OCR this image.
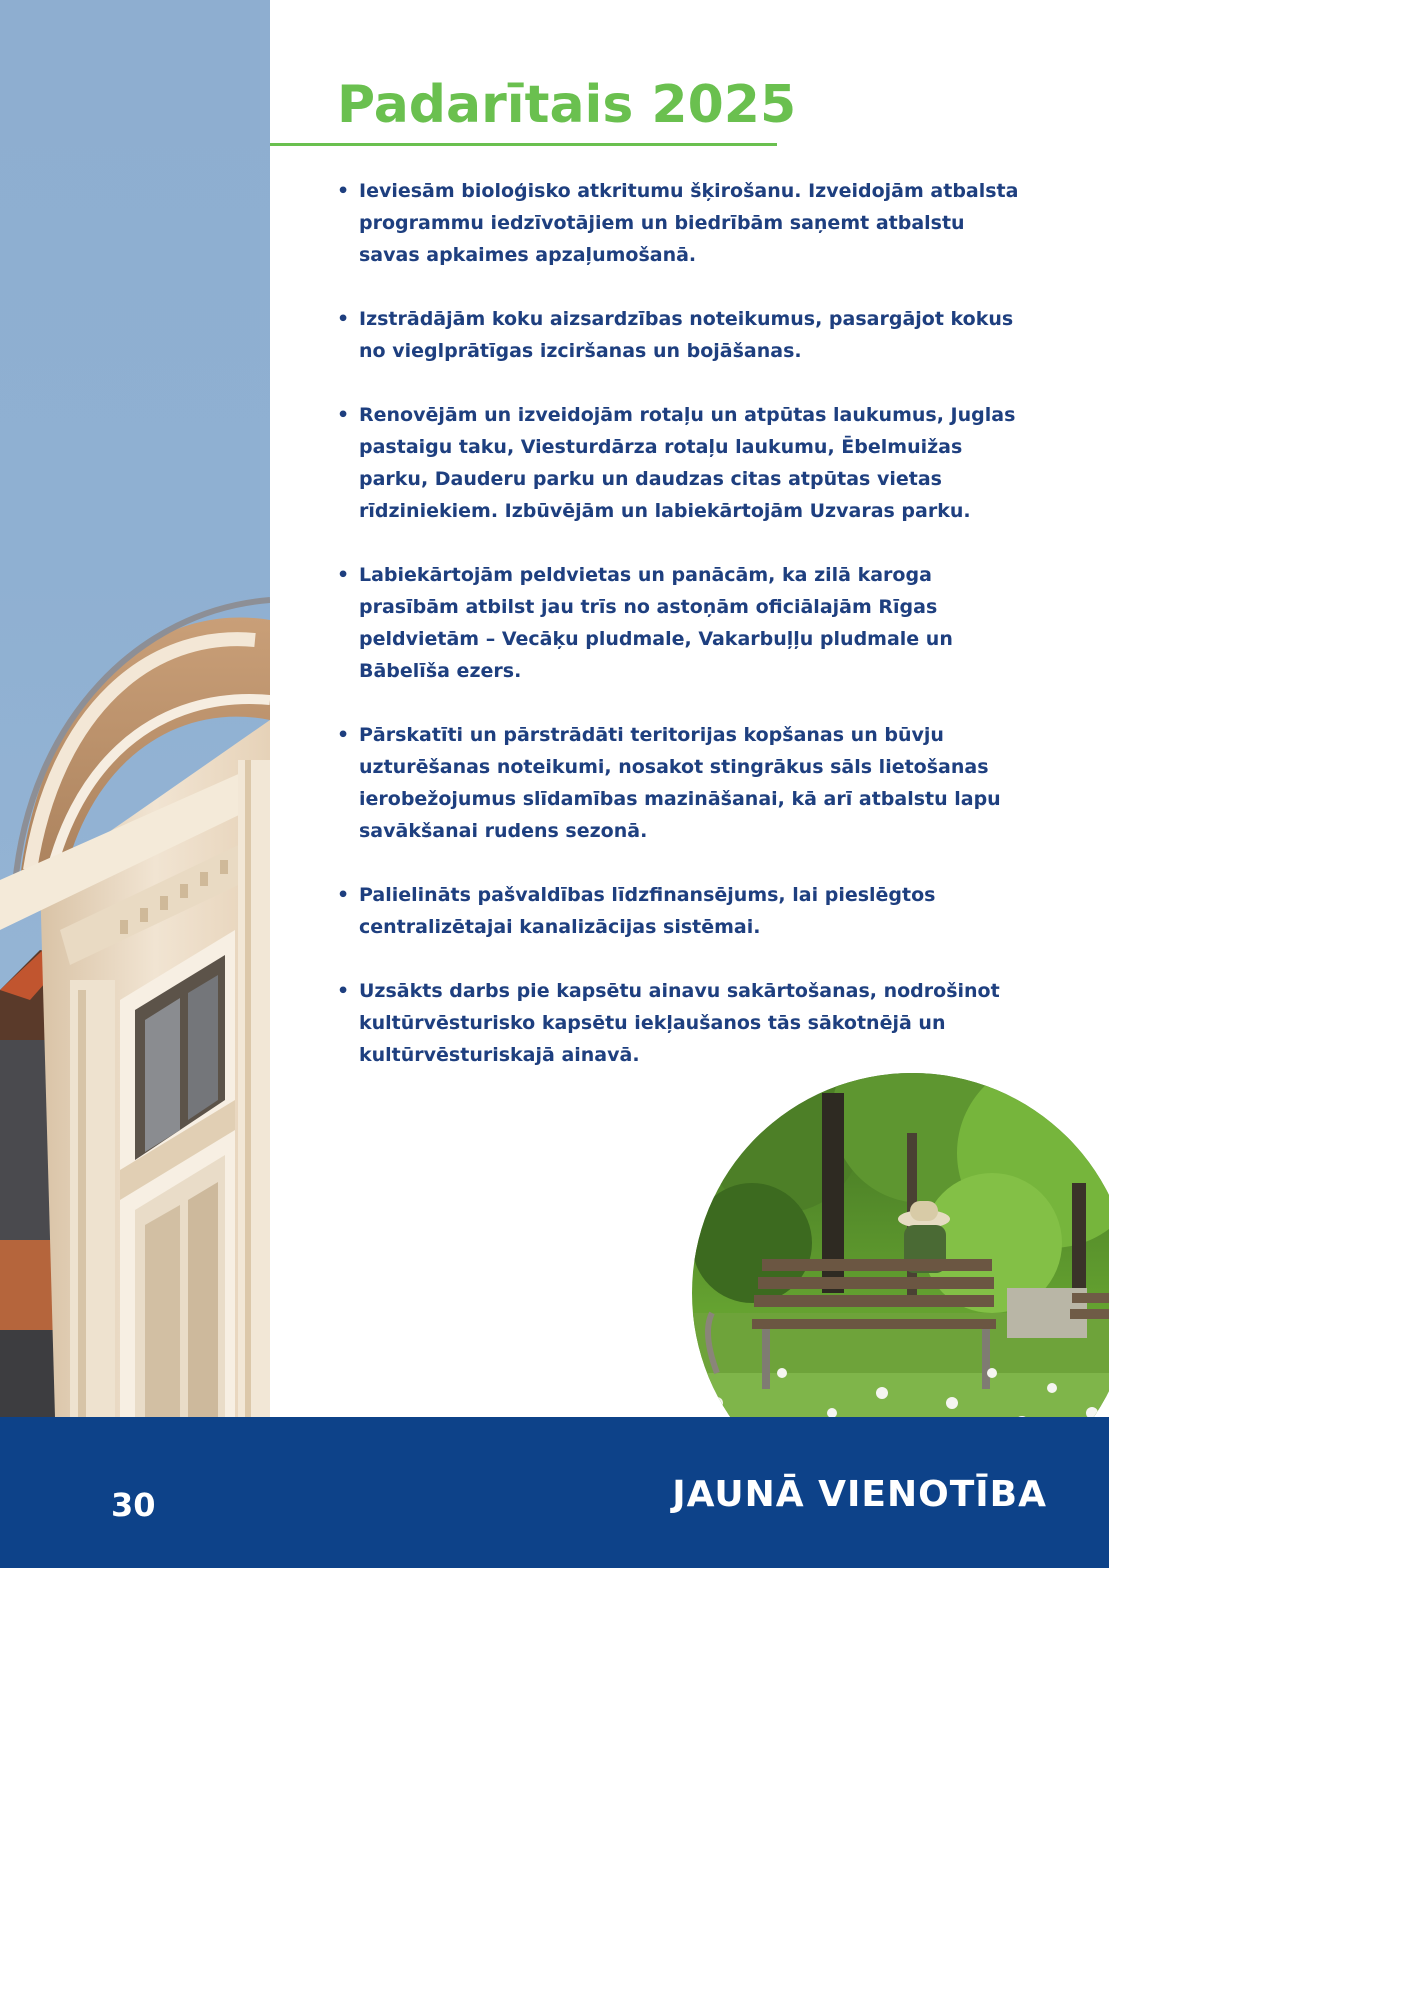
Padarītais 2025
• Ieviesām bioloģisko atkritumu šķirošanu. Izveidojām atbalsta programmu iedzīvotājiem un biedrībām saņemt atbalstu savas apkaimes apzaļumošanā.
• Izstrādājām koku aizsardzības noteikumus, pasargājot kokus no vieglprātīgas izciršanas un bojāšanas.
• Renovējām un izveidojām rotaļu un atpūtas laukumus, Juglas pastaigu taku, Viesturdārza rotaļu laukumu, Ēbelmuižas parku, Dauderu parku un daudzas citas atpūtas vietas rīdziniekiem. Izbūvējām un labiekārtojām Uzvaras parku.
• Labiekārtojām peldvietas un panācām, ka zilā karoga prasībām atbilst jau trīs no astoņām oficiālajām Rīgas peldvietām – Vecāķu pludmale, Vakarbuļļu pludmale un Bābelīša ezers.
• Pārskatīti un pārstrādāti teritorijas kopšanas un būvju uzturēšanas noteikumi, nosakot stingrākus sāls lietošanas ierobežojumus slīdamības mazināšanai, kā arī atbalstu lapu savākšanai rudens sezonā.
• Palielināts pašvaldības līdzfinansējums, lai pieslēgtos centralizētajai kanalizācijas sistēmai.
• Uzsākts darbs pie kapsētu ainavu sakārtošanas, nodrošinot kultūrvēsturisko kapsētu iekļaušanos tās sākotnējā un kultūrvēsturiskajā ainavā.
30	JAUNĀ VIENOTĪBA
